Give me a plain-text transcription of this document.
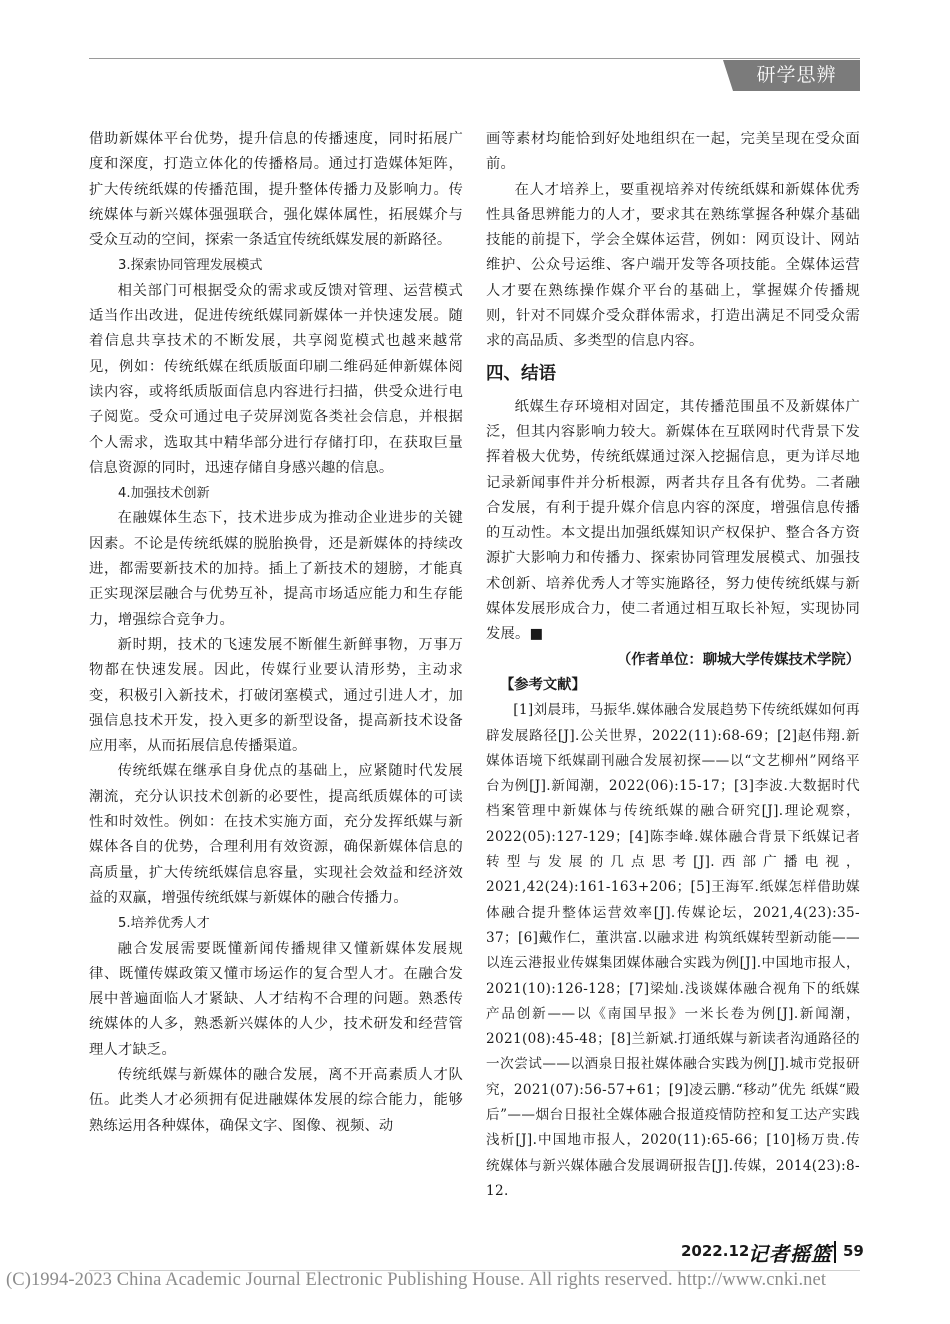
研学思辨

借助新媒体平台优势，提升信息的传播速度，同时拓展广度和深度，打造立体化的传播格局。通过打造媒体矩阵，扩大传统纸媒的传播范围，提升整体传播力及影响力。传统媒体与新兴媒体强强联合，强化媒体属性，拓展媒介与受众互动的空间，探索一条适宜传统纸媒发展的新路径。

3.探索协同管理发展模式

相关部门可根据受众的需求或反馈对管理、运营模式适当作出改进，促进传统纸媒同新媒体一并快速发展。随着信息共享技术的不断发展，共享阅览模式也越来越常见，例如：传统纸媒在纸质版面印刷二维码延伸新媒体阅读内容，或将纸质版面信息内容进行扫描，供受众进行电子阅览。受众可通过电子荧屏浏览各类社会信息，并根据个人需求，选取其中精华部分进行存储打印，在获取巨量信息资源的同时，迅速存储自身感兴趣的信息。

4.加强技术创新

在融媒体生态下，技术进步成为推动企业进步的关键因素。不论是传统纸媒的脱胎换骨，还是新媒体的持续改进，都需要新技术的加持。插上了新技术的翅膀，才能真正实现深层融合与优势互补，提高市场适应能力和生存能力，增强综合竞争力。

新时期，技术的飞速发展不断催生新鲜事物，万事万物都在快速发展。因此，传媒行业要认清形势，主动求变，积极引入新技术，打破闭塞模式，通过引进人才，加强信息技术开发，投入更多的新型设备，提高新技术设备应用率，从而拓展信息传播渠道。

传统纸媒在继承自身优点的基础上，应紧随时代发展潮流，充分认识技术创新的必要性，提高纸质媒体的可读性和时效性。例如：在技术实施方面，充分发挥纸媒与新媒体各自的优势，合理利用有效资源，确保新媒体信息的高质量，扩大传统纸媒信息容量，实现社会效益和经济效益的双赢，增强传统纸媒与新媒体的融合传播力。

5.培养优秀人才

融合发展需要既懂新闻传播规律又懂新媒体发展规律、既懂传媒政策又懂市场运作的复合型人才。在融合发展中普遍面临人才紧缺、人才结构不合理的问题。熟悉传统媒体的人多，熟悉新兴媒体的人少，技术研发和经营管理人才缺乏。

传统纸媒与新媒体的融合发展，离不开高素质人才队伍。此类人才必须拥有促进融媒体发展的综合能力，能够熟练运用各种媒体，确保文字、图像、视频、动

画等素材均能恰到好处地组织在一起，完美呈现在受众面前。

在人才培养上，要重视培养对传统纸媒和新媒体优秀性具备思辨能力的人才，要求其在熟练掌握各种媒介基础技能的前提下，学会全媒体运营，例如：网页设计、网站维护、公众号运维、客户端开发等各项技能。全媒体运营人才要在熟练操作媒介平台的基础上，掌握媒介传播规则，针对不同媒介受众群体需求，打造出满足不同受众需求的高品质、多类型的信息内容。

四、结语

纸媒生存环境相对固定，其传播范围虽不及新媒体广泛，但其内容影响力较大。新媒体在互联网时代背景下发挥着极大优势，传统纸媒通过深入挖掘信息，更为详尽地记录新闻事件并分析根源，两者共存且各有优势。二者融合发展，有利于提升媒介信息内容的深度，增强信息传播的互动性。本文提出加强纸媒知识产权保护、整合各方资源扩大影响力和传播力、探索协同管理发展模式、加强技术创新、培养优秀人才等实施路径，努力使传统纸媒与新媒体发展形成合力，使二者通过相互取长补短，实现协同发展。■

（作者单位：聊城大学传媒技术学院）

【参考文献】

[1]刘晨玮，马振华.媒体融合发展趋势下传统纸媒如何再辟发展路径[J].公关世界，2022(11):68-69；[2]赵伟翔.新媒体语境下纸媒副刊融合发展初探——以“文艺柳州”网络平台为例[J].新闻潮，2022(06):15-17；[3]李波.大数据时代档案管理中新媒体与传统纸媒的融合研究[J].理论观察，2022(05):127-129；[4]陈李峰.媒体融合背景下纸媒记者转型与发展的几点思考[J].西部广播电视，2021,42(24):161-163+206；[5]王海军.纸媒怎样借助媒体融合提升整体运营效率[J].传媒论坛，2021,4(23):35-37；[6]戴作仁，董洪富.以融求进 构筑纸媒转型新动能——以连云港报业传媒集团媒体融合实践为例[J].中国地市报人，2021(10):126-128；[7]梁灿.浅谈媒体融合视角下的纸媒产品创新——以《南国早报》一米长卷为例[J].新闻潮，2021(08):45-48；[8]兰新斌.打通纸媒与新读者沟通路径的一次尝试——以酒泉日报社媒体融合实践为例[J].城市党报研究，2021(07):56-57+61；[9]凌云鹏.“移动”优先 纸媒“殿后”——烟台日报社全媒体融合报道疫情防控和复工达产实践浅析[J].中国地市报人，2020(11):65-66；[10]杨万贵.传统媒体与新兴媒体融合发展调研报告[J].传媒，2014(23):8-12.

2022.12
记者摇篮 59
(C)1994-2023 China Academic Journal Electronic Publishing House. All rights reserved. http://www.cnki.net
